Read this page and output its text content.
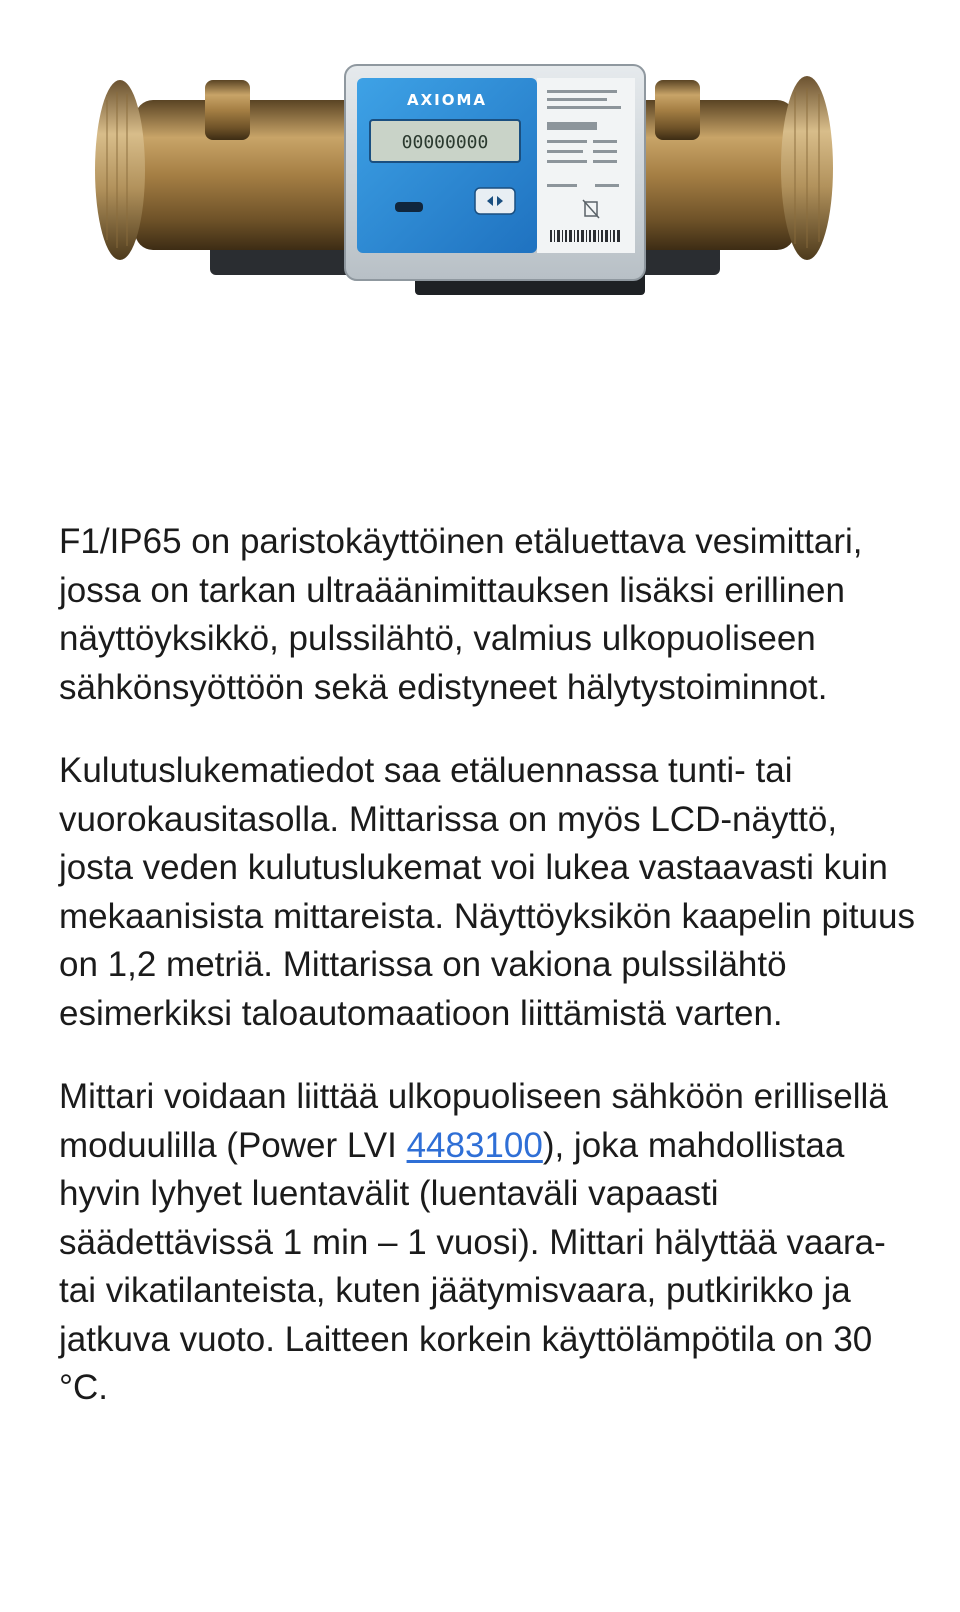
AXIOMA
00000000

F1/IP65 on paristokäyttöinen etäluettava vesimittari, jossa on tarkan ultraäänimittauksen lisäksi erillinen näyttöyksikkö, pulssilähtö, valmius ulkopuoliseen sähkönsyöttöön sekä edistyneet hälytystoiminnot.

Kulutuslukematiedot saa etäluennassa tunti- tai vuorokausitasolla. Mittarissa on myös LCD-näyttö, josta veden kulutuslukemat voi lukea vastaavasti kuin mekaanisista mittareista. Näyttöyksikön kaapelin pituus on 1,2 metriä. Mittarissa on vakiona pulssilähtö esimerkiksi taloautomaatioon liittämistä varten.

Mittari voidaan liittää ulkopuoliseen sähköön erillisellä moduulilla (Power LVI 4483100), joka mahdollistaa hyvin lyhyet luentavälit (luentaväli vapaasti säädettävissä 1 min – 1 vuosi). Mittari hälyttää vaara- tai vikatilanteista, kuten jäätymisvaara, putkirikko ja jatkuva vuoto. Laitteen korkein käyttölämpötila on 30 °C.
